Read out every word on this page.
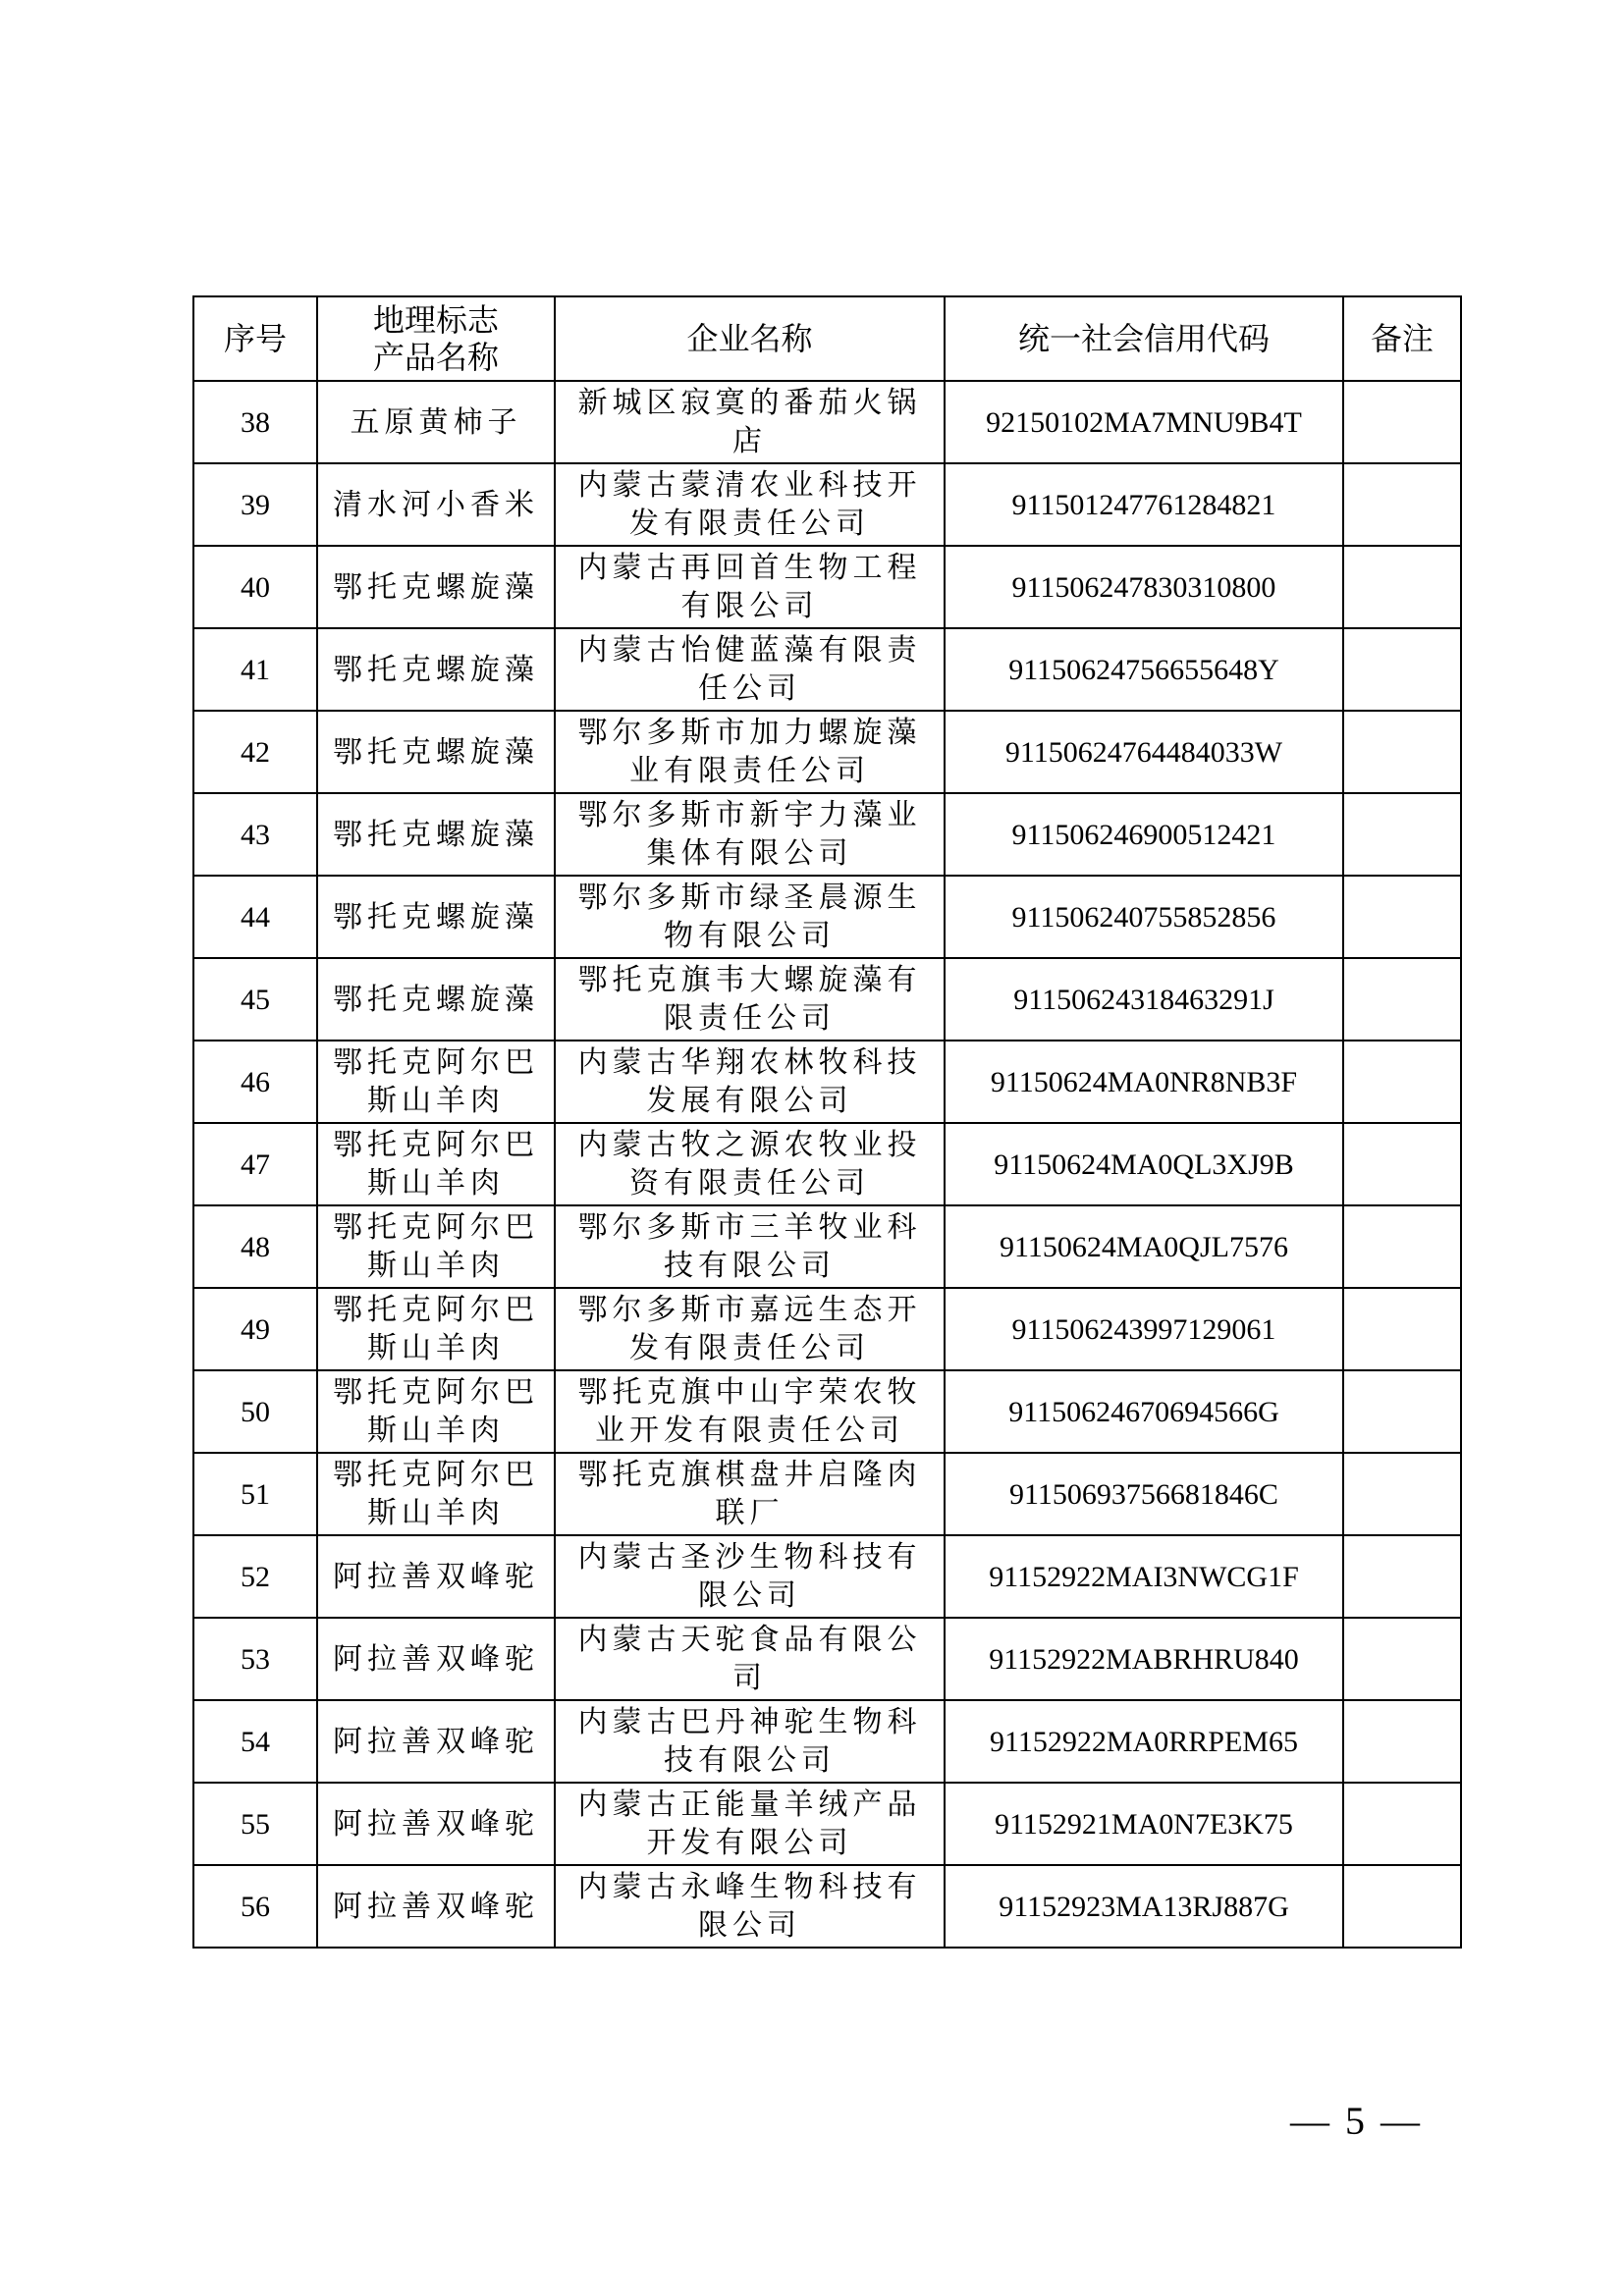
序号	地理标志产品名称	企业名称	统一社会信用代码	备注
38	五原黄柿子	新城区寂寞的番茄火锅店	92150102MA7MNU9B4T	
39	清水河小香米	内蒙古蒙清农业科技开发有限责任公司	911501247761284821	
40	鄂托克螺旋藻	内蒙古再回首生物工程有限公司	911506247830310800	
41	鄂托克螺旋藻	内蒙古怡健蓝藻有限责任公司	91150624756655648Y	
42	鄂托克螺旋藻	鄂尔多斯市加力螺旋藻业有限责任公司	91150624764484033W	
43	鄂托克螺旋藻	鄂尔多斯市新宇力藻业集体有限公司	911506246900512421	
44	鄂托克螺旋藻	鄂尔多斯市绿圣晨源生物有限公司	911506240755852856	
45	鄂托克螺旋藻	鄂托克旗韦大螺旋藻有限责任公司	91150624318463291J	
46	鄂托克阿尔巴斯山羊肉	内蒙古华翔农林牧科技发展有限公司	91150624MA0NR8NB3F	
47	鄂托克阿尔巴斯山羊肉	内蒙古牧之源农牧业投资有限责任公司	91150624MA0QL3XJ9B	
48	鄂托克阿尔巴斯山羊肉	鄂尔多斯市三羊牧业科技有限公司	91150624MA0QJL7576	
49	鄂托克阿尔巴斯山羊肉	鄂尔多斯市嘉远生态开发有限责任公司	911506243997129061	
50	鄂托克阿尔巴斯山羊肉	鄂托克旗中山宇荣农牧业开发有限责任公司	91150624670694566G	
51	鄂托克阿尔巴斯山羊肉	鄂托克旗棋盘井启隆肉联厂	91150693756681846C	
52	阿拉善双峰驼	内蒙古圣沙生物科技有限公司	91152922MAI3NWCG1F	
53	阿拉善双峰驼	内蒙古天驼食品有限公司	91152922MABRHRU840	
54	阿拉善双峰驼	内蒙古巴丹神驼生物科技有限公司	91152922MA0RRPEM65	
55	阿拉善双峰驼	内蒙古正能量羊绒产品开发有限公司	91152921MA0N7E3K75	
56	阿拉善双峰驼	内蒙古永峰生物科技有限公司	91152923MA13RJ887G	
— 5 —
